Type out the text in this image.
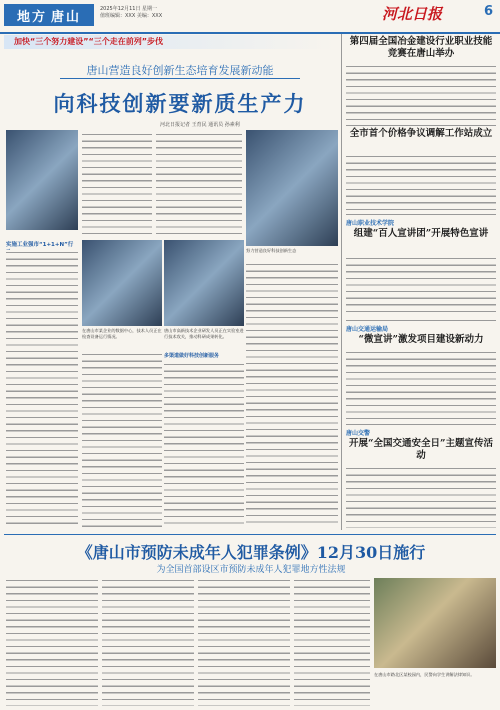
地方 唐山
2025年12月11日 星期一
值班编辑：XXX 美编：XXX	河北日报	6
加快“三个努力建设”“三个走在前列”步伐
唐山营造良好创新生态培育发展新动能
向科技创新要新质生产力
河北日报记者 王育民 通讯员 孙素利
努力营造良好科技创新生态
实施工业强市“1+1+N”行
在唐山市某企业的数据中心，技术人员正在检查设备运行情况。
唐山市高新技术企业研发人员正在实验室进行技术攻关，推动科研成果转化。
多渠道做好科技创新服务
第四届全国冶金建设行业职业技能竞赛在唐山举办
全市首个价格争议调解工作站成立
唐山职业技术学院
组建“百人宣讲团”开展特色宣讲
唐山交通运输局
“微宣讲”激发项目建设新动力
唐山交警
开展“全国交通安全日”主题宣传活动
《唐山市预防未成年人犯罪条例》12月30日施行
为全国首部设区市预防未成年人犯罪地方性法规
在唐山市路北区某校园内，民警向学生讲解法律知识。
